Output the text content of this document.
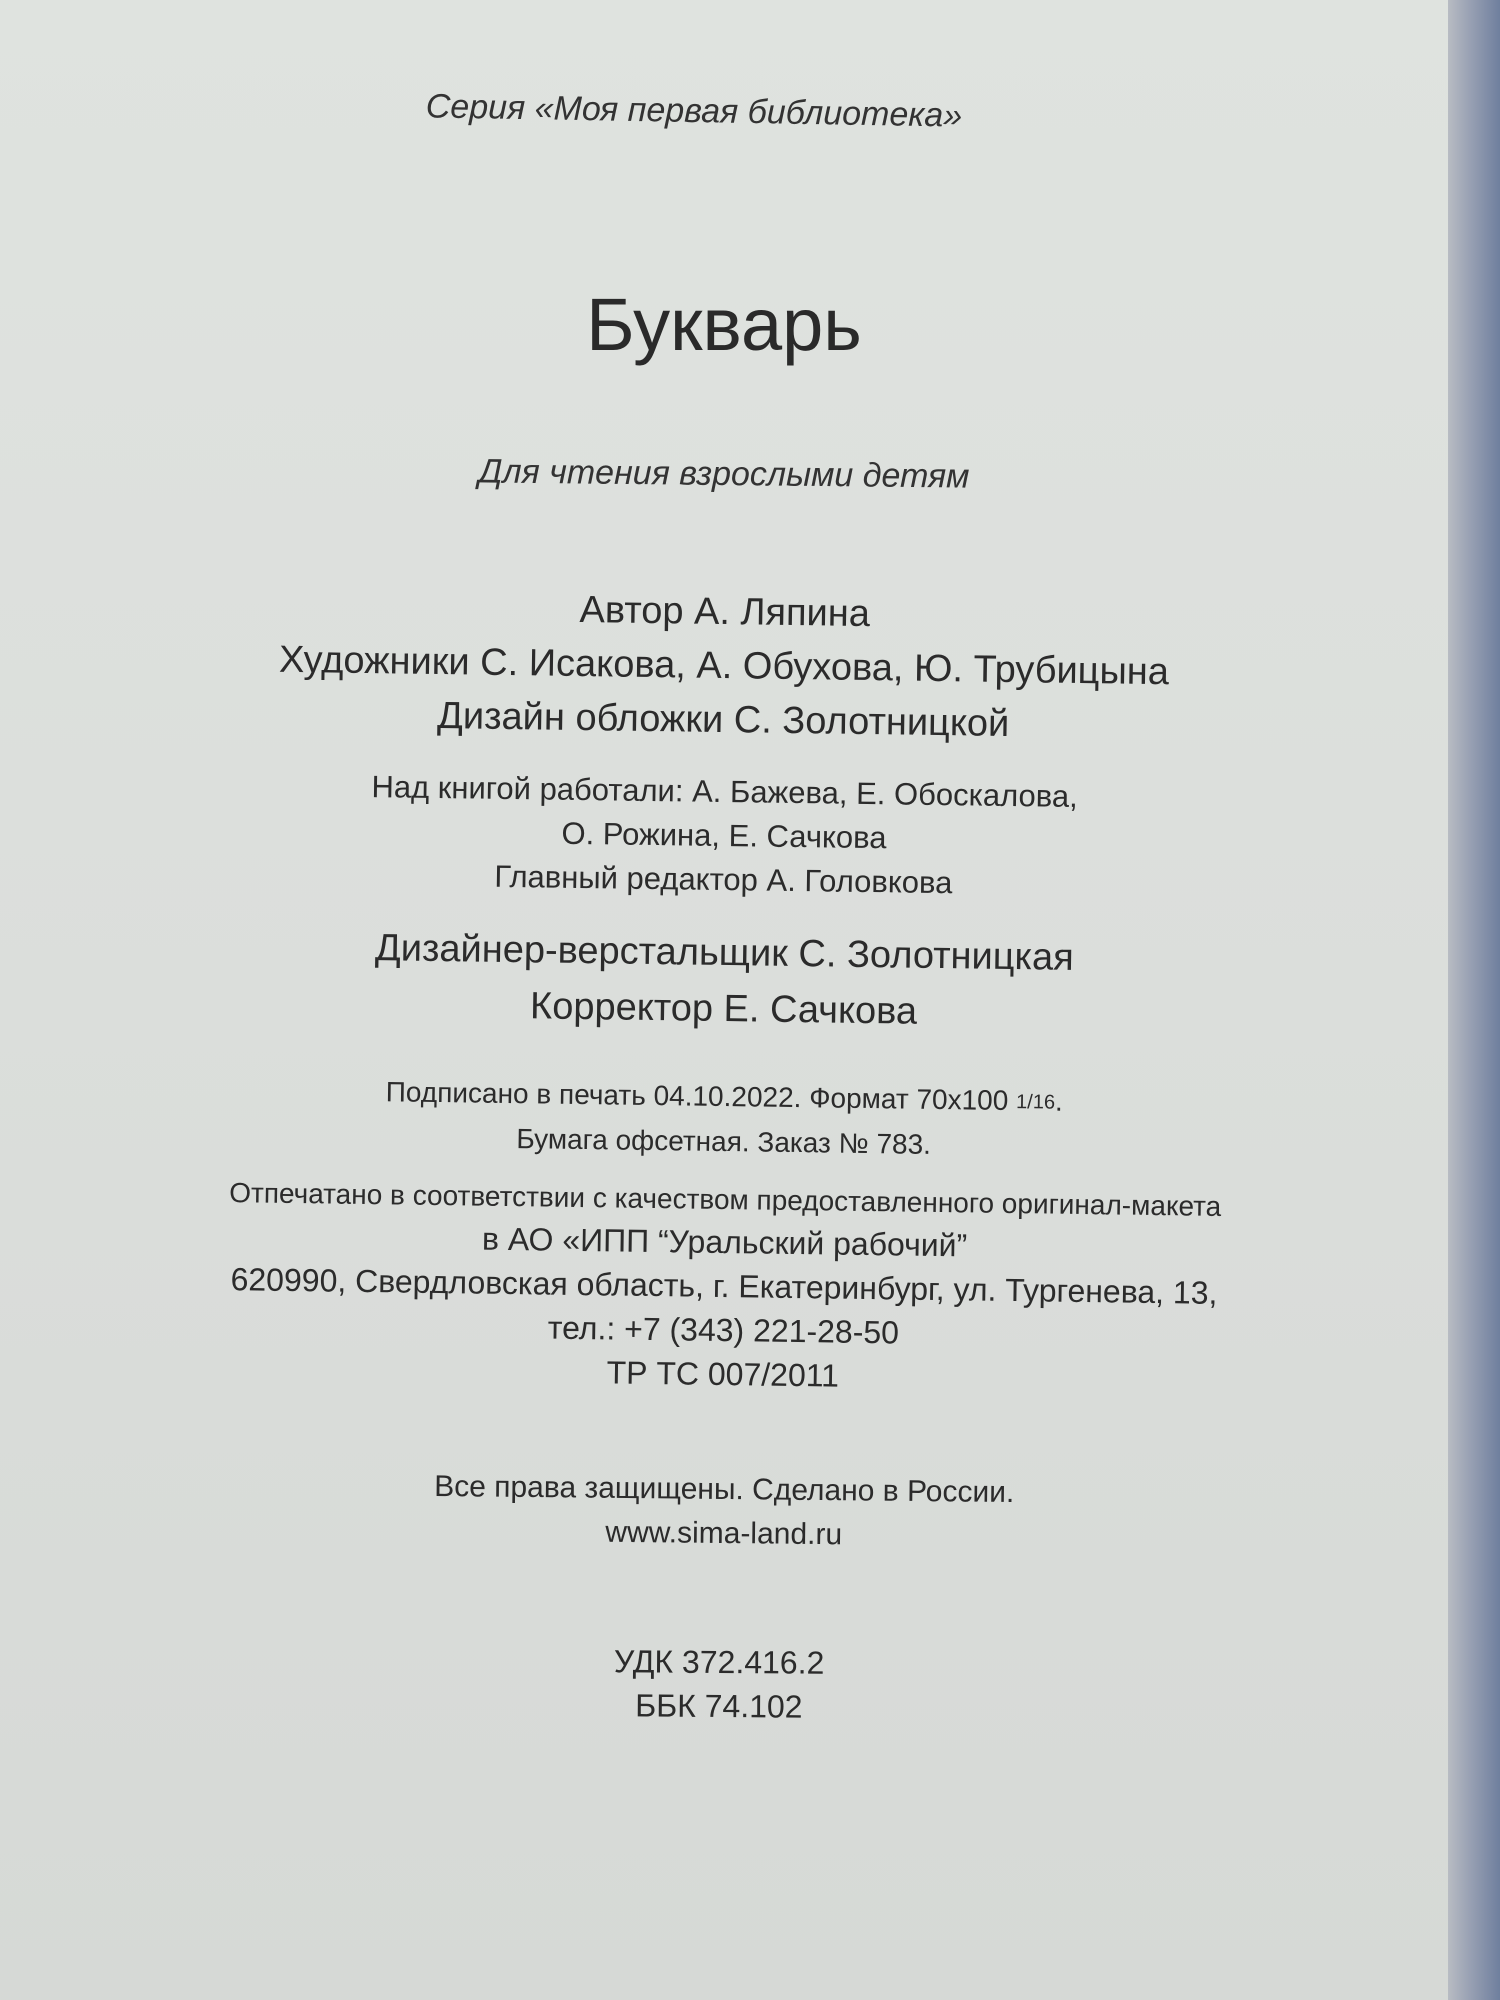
Серия «Моя первая библиотека»
Букварь
Для чтения взрослыми детям
Автор А. Ляпина
Художники С. Исакова, А. Обухова, Ю. Трубицына
Дизайн обложки С. Золотницкой
Над книгой работали: А. Бажева, Е. Обоскалова,
О. Рожина, Е. Сачкова
Главный редактор А. Головкова
Дизайнер-верстальщик С. Золотницкая
Корректор Е. Сачкова
Подписано в печать 04.10.2022. Формат 70х100 1/16.
Бумага офсетная. Заказ № 783.
Отпечатано в соответствии с качеством предоставленного оригинал-макета
в АО «ИПП “Уральский рабочий”
620990, Свердловская область, г. Екатеринбург, ул. Тургенева, 13,
тел.: +7 (343) 221-28-50
ТР ТС 007/2011
Все права защищены. Сделано в России.
www.sima-land.ru
УДК 372.416.2
ББК 74.102
